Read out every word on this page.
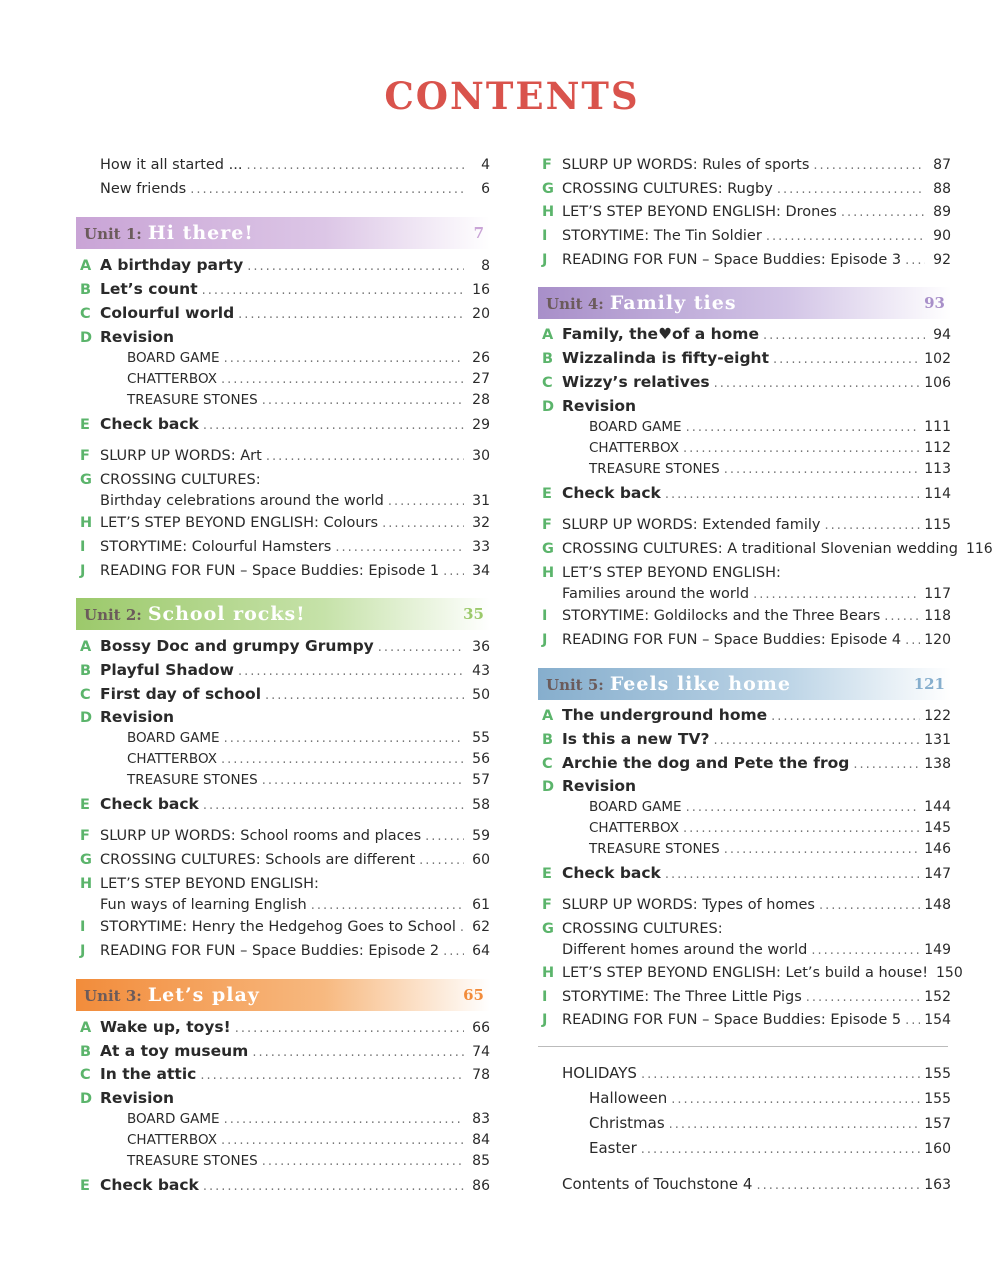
CONTENTS
How it all started ... .....	4
New friends .....	6
Unit 1: Hi there!	7
A A birthday party .....	8
B Let’s count .....	16
C Colourful world .....	20
D Revision
BOARD GAME .....	26
CHATTERBOX .....	27
TREASURE STONES .....	28
E Check back .....	29
F SLURP UP WORDS: Art .....	30
G CROSSING CULTURES:
Birthday celebrations around the world .....	31
H LET’S STEP BEYOND ENGLISH: Colours .....	32
I	STORYTIME: Colourful Hamsters .....	33
J	READING FOR FUN – Space Buddies: Episode 1 ..... 34
Unit 2: School rocks!	35
A Bossy Doc and grumpy Grumpy .....	36
B Playful Shadow .....	43
C First day of school .....	50
D Revision
BOARD GAME .....	55
CHATTERBOX .....	56
TREASURE STONES .....	57
E Check back .....	58
F SLURP UP WORDS: School rooms and places .....	59
G CROSSING CULTURES: Schools are different .....	60
H LET’S STEP BEYOND ENGLISH:
Fun ways of learning English .....	61
I	STORYTIME: Henry the Hedgehog Goes to School ..... 62
J	READING FOR FUN – Space Buddies: Episode 2 ..... 64
Unit 3: Let’s play	65
A Wake up, toys! .....	66
B At a toy museum .....	74
C In the attic .....	78
D Revision
BOARD GAME .....	83
CHATTERBOX .....	84
TREASURE STONES .....	85
E Check back .....	86
F SLURP UP WORDS: Rules of sports .....	87
G CROSSING CULTURES: Rugby .....	88
H LET’S STEP BEYOND ENGLISH: Drones .....	89
I	STORYTIME: The Tin Soldier .....	90
J	READING FOR FUN – Space Buddies: Episode 3 ..... 92
Unit 4: Family ties	93
A Family, the♥of a home .....	94
B Wizzalinda is fifty-eight .....	102
C Wizzy’s relatives .....	106
D Revision
BOARD GAME .....	111
CHATTERBOX .....	112
TREASURE STONES .....	113
E Check back .....	114
F SLURP UP WORDS: Extended family .....	115
G CROSSING CULTURES: A traditional Slovenian wedding 116
H LET’S STEP BEYOND ENGLISH:
Families around the world .....	117
I	STORYTIME: Goldilocks and the Three Bears .....	118
J	READING FOR FUN – Space Buddies: Episode 4 ..... 120
Unit 5: Feels like home	121
A The underground home .....	122
B Is this a new TV? .....	131
C Archie the dog and Pete the frog .....	138
D Revision
BOARD GAME .....	144
CHATTERBOX .....	145
TREASURE STONES .....	146
E Check back .....	147
F SLURP UP WORDS: Types of homes .....	148
G CROSSING CULTURES:
Different homes around the world .....	149
H LET’S STEP BEYOND ENGLISH: Let’s build a house! 150
I	STORYTIME: The Three Little Pigs .....	152
J	READING FOR FUN – Space Buddies: Episode 5 ..... 154
HOLIDAYS .....	155
Halloween .....	155
Christmas .....	157
Easter .....	160
Contents of Touchstone 4 .....	163
